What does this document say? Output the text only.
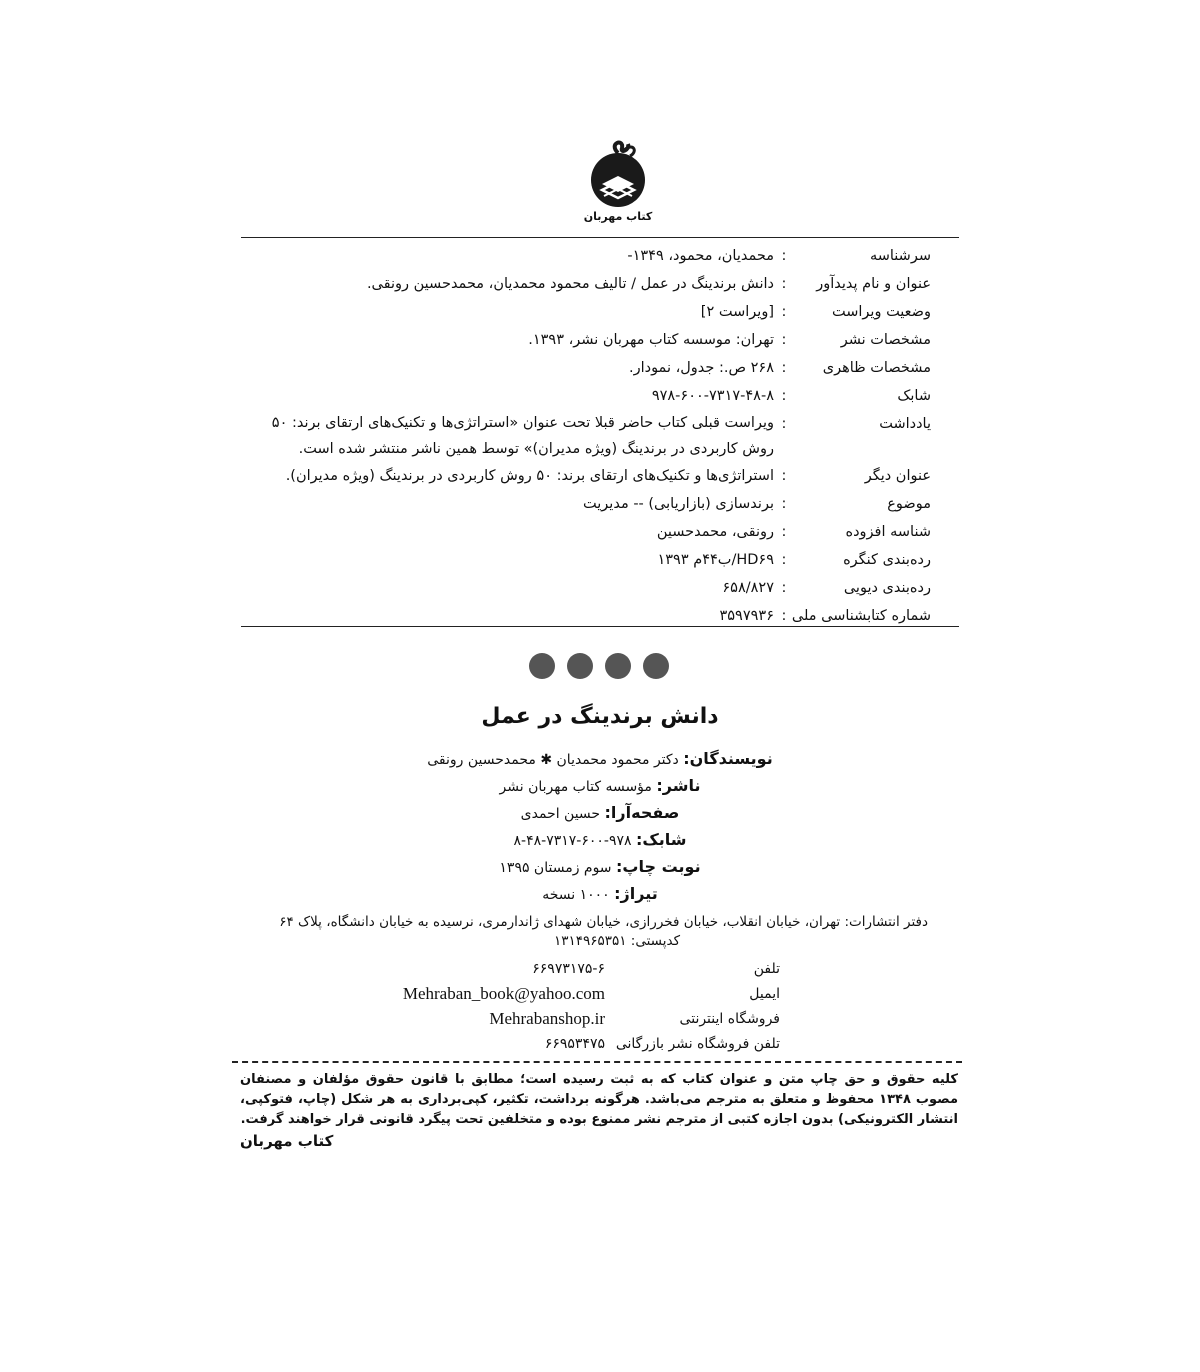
کتاب مهربان
سرشناسه
:
محمدیان، محمود، ۱۳۴۹-
عنوان و نام پدیدآور
:
دانش برندینگ در عمل / تالیف محمود محمدیان، محمدحسین رونقی.
وضعیت ویراست
:
[ویراست ۲]
مشخصات نشر
:
تهران: موسسه کتاب مهربان نشر، ۱۳۹۳.
مشخصات ظاهری
:
۲۶۸ ص.: جدول، نمودار.
شابک
:
۹۷۸-۶۰۰-۷۳۱۷-۴۸-۸
یادداشت
:
ویراست قبلی کتاب حاضر قبلا تحت عنوان «استراتژی‌ها و تکنیک‌های ارتقای برند: ۵۰ روش کاربردی در برندینگ (ویژه مدیران)» توسط همین ناشر منتشر شده است.
عنوان دیگر
:
استراتژی‌ها و تکنیک‌های ارتقای برند: ۵۰ روش کاربردی در برندینگ (ویژه مدیران).
موضوع
:
برندسازی (بازاریابی) -- مدیریت
شناسه افزوده
:
رونقی، محمدحسین
رده‌بندی کنگره
:
HD۶۹/ب۴۴م ۱۳۹۳
رده‌بندی دیویی
:
۶۵۸/۸۲۷
شماره کتابشناسی ملی
:
۳۵۹۷۹۳۶
دانش برندینگ در عمل
نویسندگان: دکتر محمود محمدیان ✱ محمدحسین رونقی
ناشر: مؤسسه کتاب مهربان نشر
صفحه‌آرا: حسین احمدی
شابک: ۹۷۸-۶۰۰-۷۳۱۷-۴۸-۸
نوبت چاپ: سوم زمستان ۱۳۹۵
تیراژ: ۱۰۰۰ نسخه
دفتر انتشارات: تهران، خیابان انقلاب، خیابان فخررازی، خیابان شهدای ژاندارمری، نرسیده به خیابان دانشگاه، پلاک ۶۴
کدپستی: ۱۳۱۴۹۶۵۳۵۱
تلفن
۶۶۹۷۳۱۷۵-۶
ایمیل
Mehraban_book@yahoo.com
فروشگاه اینترنتی
Mehrabanshop.ir
تلفن فروشگاه نشر بازرگانی
۶۶۹۵۳۴۷۵
کلیه حقوق و حق چاپ متن و عنوان کتاب که به ثبت رسیده است؛ مطابق با قانون حقوق مؤلفان و مصنفان مصوب ۱۳۴۸ محفوظ و متعلق به مترجم می‌باشد. هرگونه برداشت، تکثیر، کپی‌برداری به هر شکل (چاپ، فتوکپی، انتشار الکترونیکی) بدون اجازه کتبی از مترجم نشر ممنوع بوده و متخلفین تحت پیگرد قانونی قرار خواهند گرفت.
کتاب مهربان
